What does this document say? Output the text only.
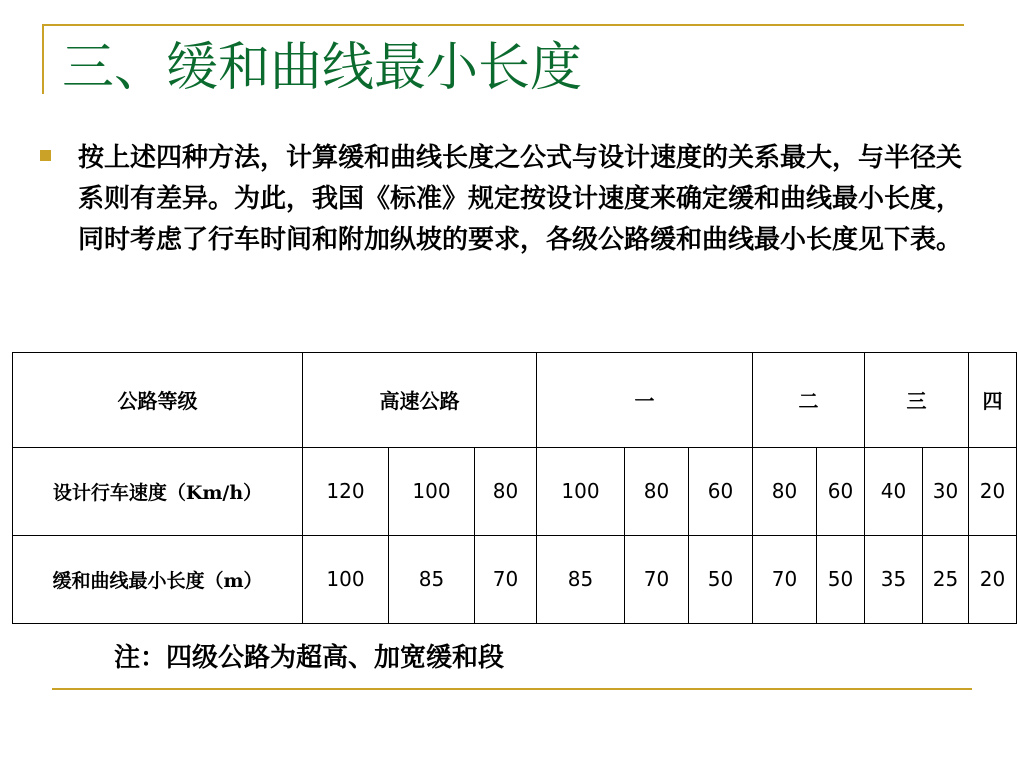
三、缓和曲线最小长度

按上述四种方法，计算缓和曲线长度之公式与设计速度的关系最大，与半径关系则有差异。为此，我国《标准》规定按设计速度来确定缓和曲线最小长度，同时考虑了行车时间和附加纵坡的要求，各级公路缓和曲线最小长度见下表。

公路等级	高速公路			一			二		三		四
设计行车速度（Km/h）	120	100	80	100	80	60	80	60	40	30	20
缓和曲线最小长度（m）	100	85	70	85	70	50	70	50	35	25	20

注：四级公路为超高、加宽缓和段
